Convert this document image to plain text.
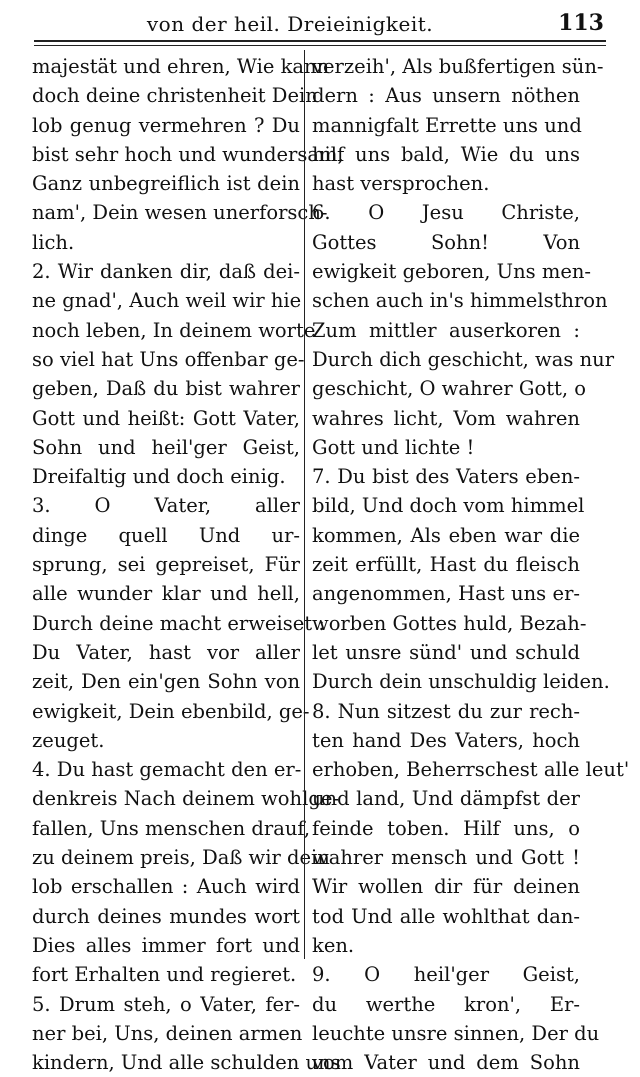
von der heil. Dreieinigkeit.	113
majestät und ehren, Wie kann
doch deine christenheit Dein
lob genug vermehren ? Du
bist sehr hoch und wundersam,
Ganz unbegreiflich ist dein
nam', Dein wesen unerforsch-
lich.
2. Wir danken dir, daß dei-
ne gnad', Auch weil wir hie
noch leben, In deinem worte
so viel hat Uns offenbar ge-
geben, Daß du bist wahrer
Gott und heißt: Gott Vater,
Sohn und heil'ger Geist,
Dreifaltig und doch einig.
3. O Vater, aller
dinge quell Und ur-
sprung, sei gepreiset, Für
alle wunder klar und hell,
Durch deine macht erweiset :
Du Vater, hast vor aller
zeit, Den ein'gen Sohn von
ewigkeit, Dein ebenbild, ge-
zeuget.
4. Du hast gemacht den er-
denkreis Nach deinem wohlge-
fallen, Uns menschen drauf,
zu deinem preis, Daß wir dein
lob erschallen : Auch wird
durch deines mundes wort
Dies alles immer fort und
fort Erhalten und regieret.
5. Drum steh, o Vater, fer-
ner bei, Uns, deinen armen
kindern, Und alle schulden uns
verzeih', Als bußfertigen sün-
dern : Aus unsern nöthen
mannigfalt Errette uns und
hilf uns bald, Wie du uns
hast versprochen.
6. O Jesu Christe,
Gottes Sohn! Von
ewigkeit geboren, Uns men-
schen auch in's himmelsthron
Zum mittler auserkoren :
Durch dich geschicht, was nur
geschicht, O wahrer Gott, o
wahres licht, Vom wahren
Gott und lichte !
7. Du bist des Vaters eben-
bild, Und doch vom himmel
kommen, Als eben war die
zeit erfüllt, Hast du fleisch
angenommen, Hast uns er-
worben Gottes huld, Bezah-
let unsre sünd' und schuld
Durch dein unschuldig leiden.
8. Nun sitzest du zur rech-
ten hand Des Vaters, hoch
erhoben, Beherrschest alle leut'
und land, Und dämpfst der
feinde toben. Hilf uns, o
wahrer mensch und Gott !
Wir wollen dir für deinen
tod Und alle wohlthat dan-
ken.
9. O heil'ger Geist,
du werthe kron', Er-
leuchte unsre sinnen, Der du
vom Vater und dem Sohn
